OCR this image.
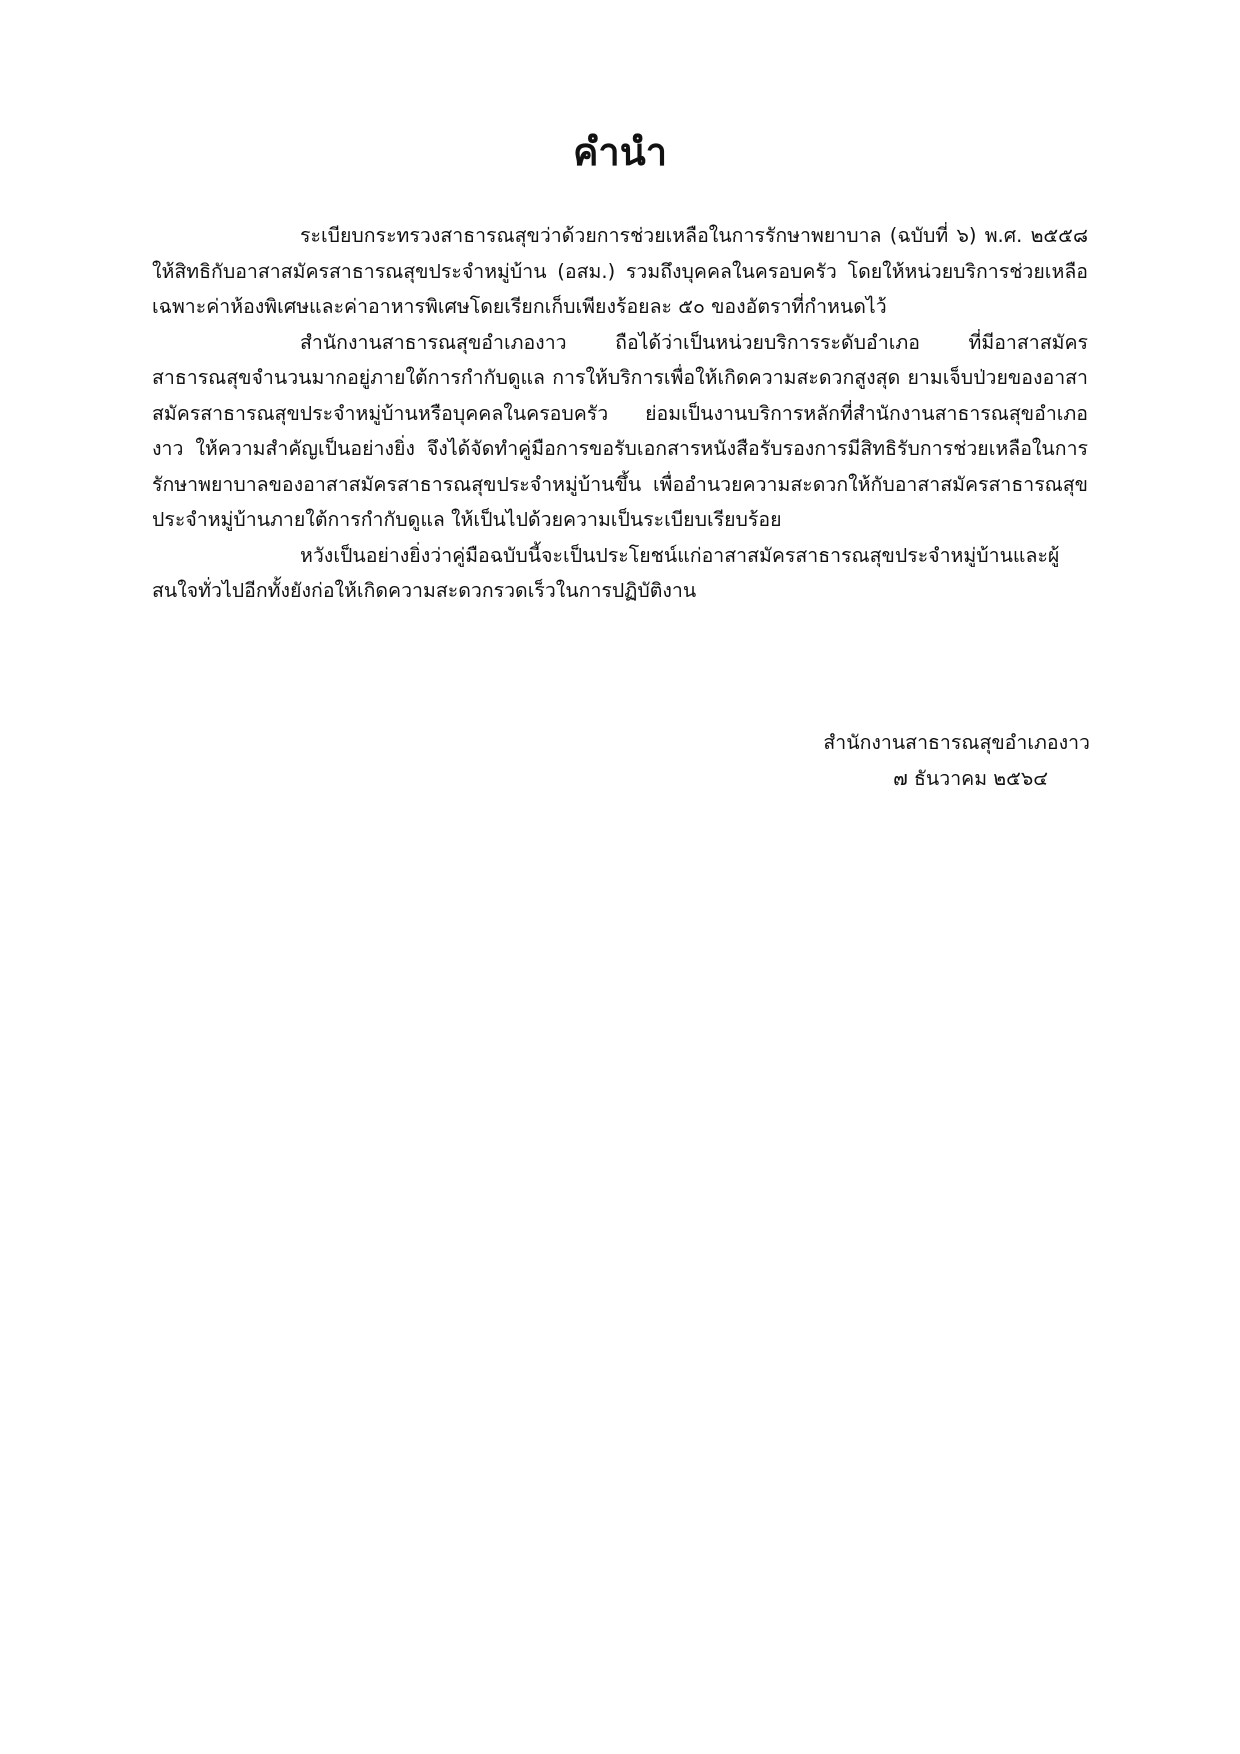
คำนำ

ระเบียบกระทรวงสาธารณสุขว่าด้วยการช่วยเหลือในการรักษาพยาบาล (ฉบับที่ ๖) พ.ศ. ๒๕๕๘ ให้สิทธิกับอาสาสมัครสาธารณสุขประจำหมู่บ้าน (อสม.) รวมถึงบุคคลในครอบครัว โดยให้หน่วยบริการช่วยเหลือเฉพาะค่าห้องพิเศษและค่าอาหารพิเศษโดยเรียกเก็บเพียงร้อยละ ๕๐ ของอัตราที่กำหนดไว้

สำนักงานสาธารณสุขอำเภองาว ถือได้ว่าเป็นหน่วยบริการระดับอำเภอ ที่มีอาสาสมัครสาธารณสุขจำนวนมากอยู่ภายใต้การกำกับดูแล การให้บริการเพื่อให้เกิดความสะดวกสูงสุด ยามเจ็บป่วยของอาสาสมัครสาธารณสุขประจำหมู่บ้านหรือบุคคลในครอบครัว ย่อมเป็นงานบริการหลักที่สำนักงานสาธารณสุขอำเภองาว ให้ความสำคัญเป็นอย่างยิ่ง จึงได้จัดทำคู่มือการขอรับเอกสารหนังสือรับรองการมีสิทธิรับการช่วยเหลือในการรักษาพยาบาลของอาสาสมัครสาธารณสุขประจำหมู่บ้านขึ้น เพื่ออำนวยความสะดวกให้กับอาสาสมัครสาธารณสุขประจำหมู่บ้านภายใต้การกำกับดูแล ให้เป็นไปด้วยความเป็นระเบียบเรียบร้อย

หวังเป็นอย่างยิ่งว่าคู่มือฉบับนี้จะเป็นประโยชน์แก่อาสาสมัครสาธารณสุขประจำหมู่บ้านและผู้สนใจทั่วไปอีกทั้งยังก่อให้เกิดความสะดวกรวดเร็วในการปฏิบัติงาน

สำนักงานสาธารณสุขอำเภองาว
๗ ธันวาคม ๒๕๖๔
